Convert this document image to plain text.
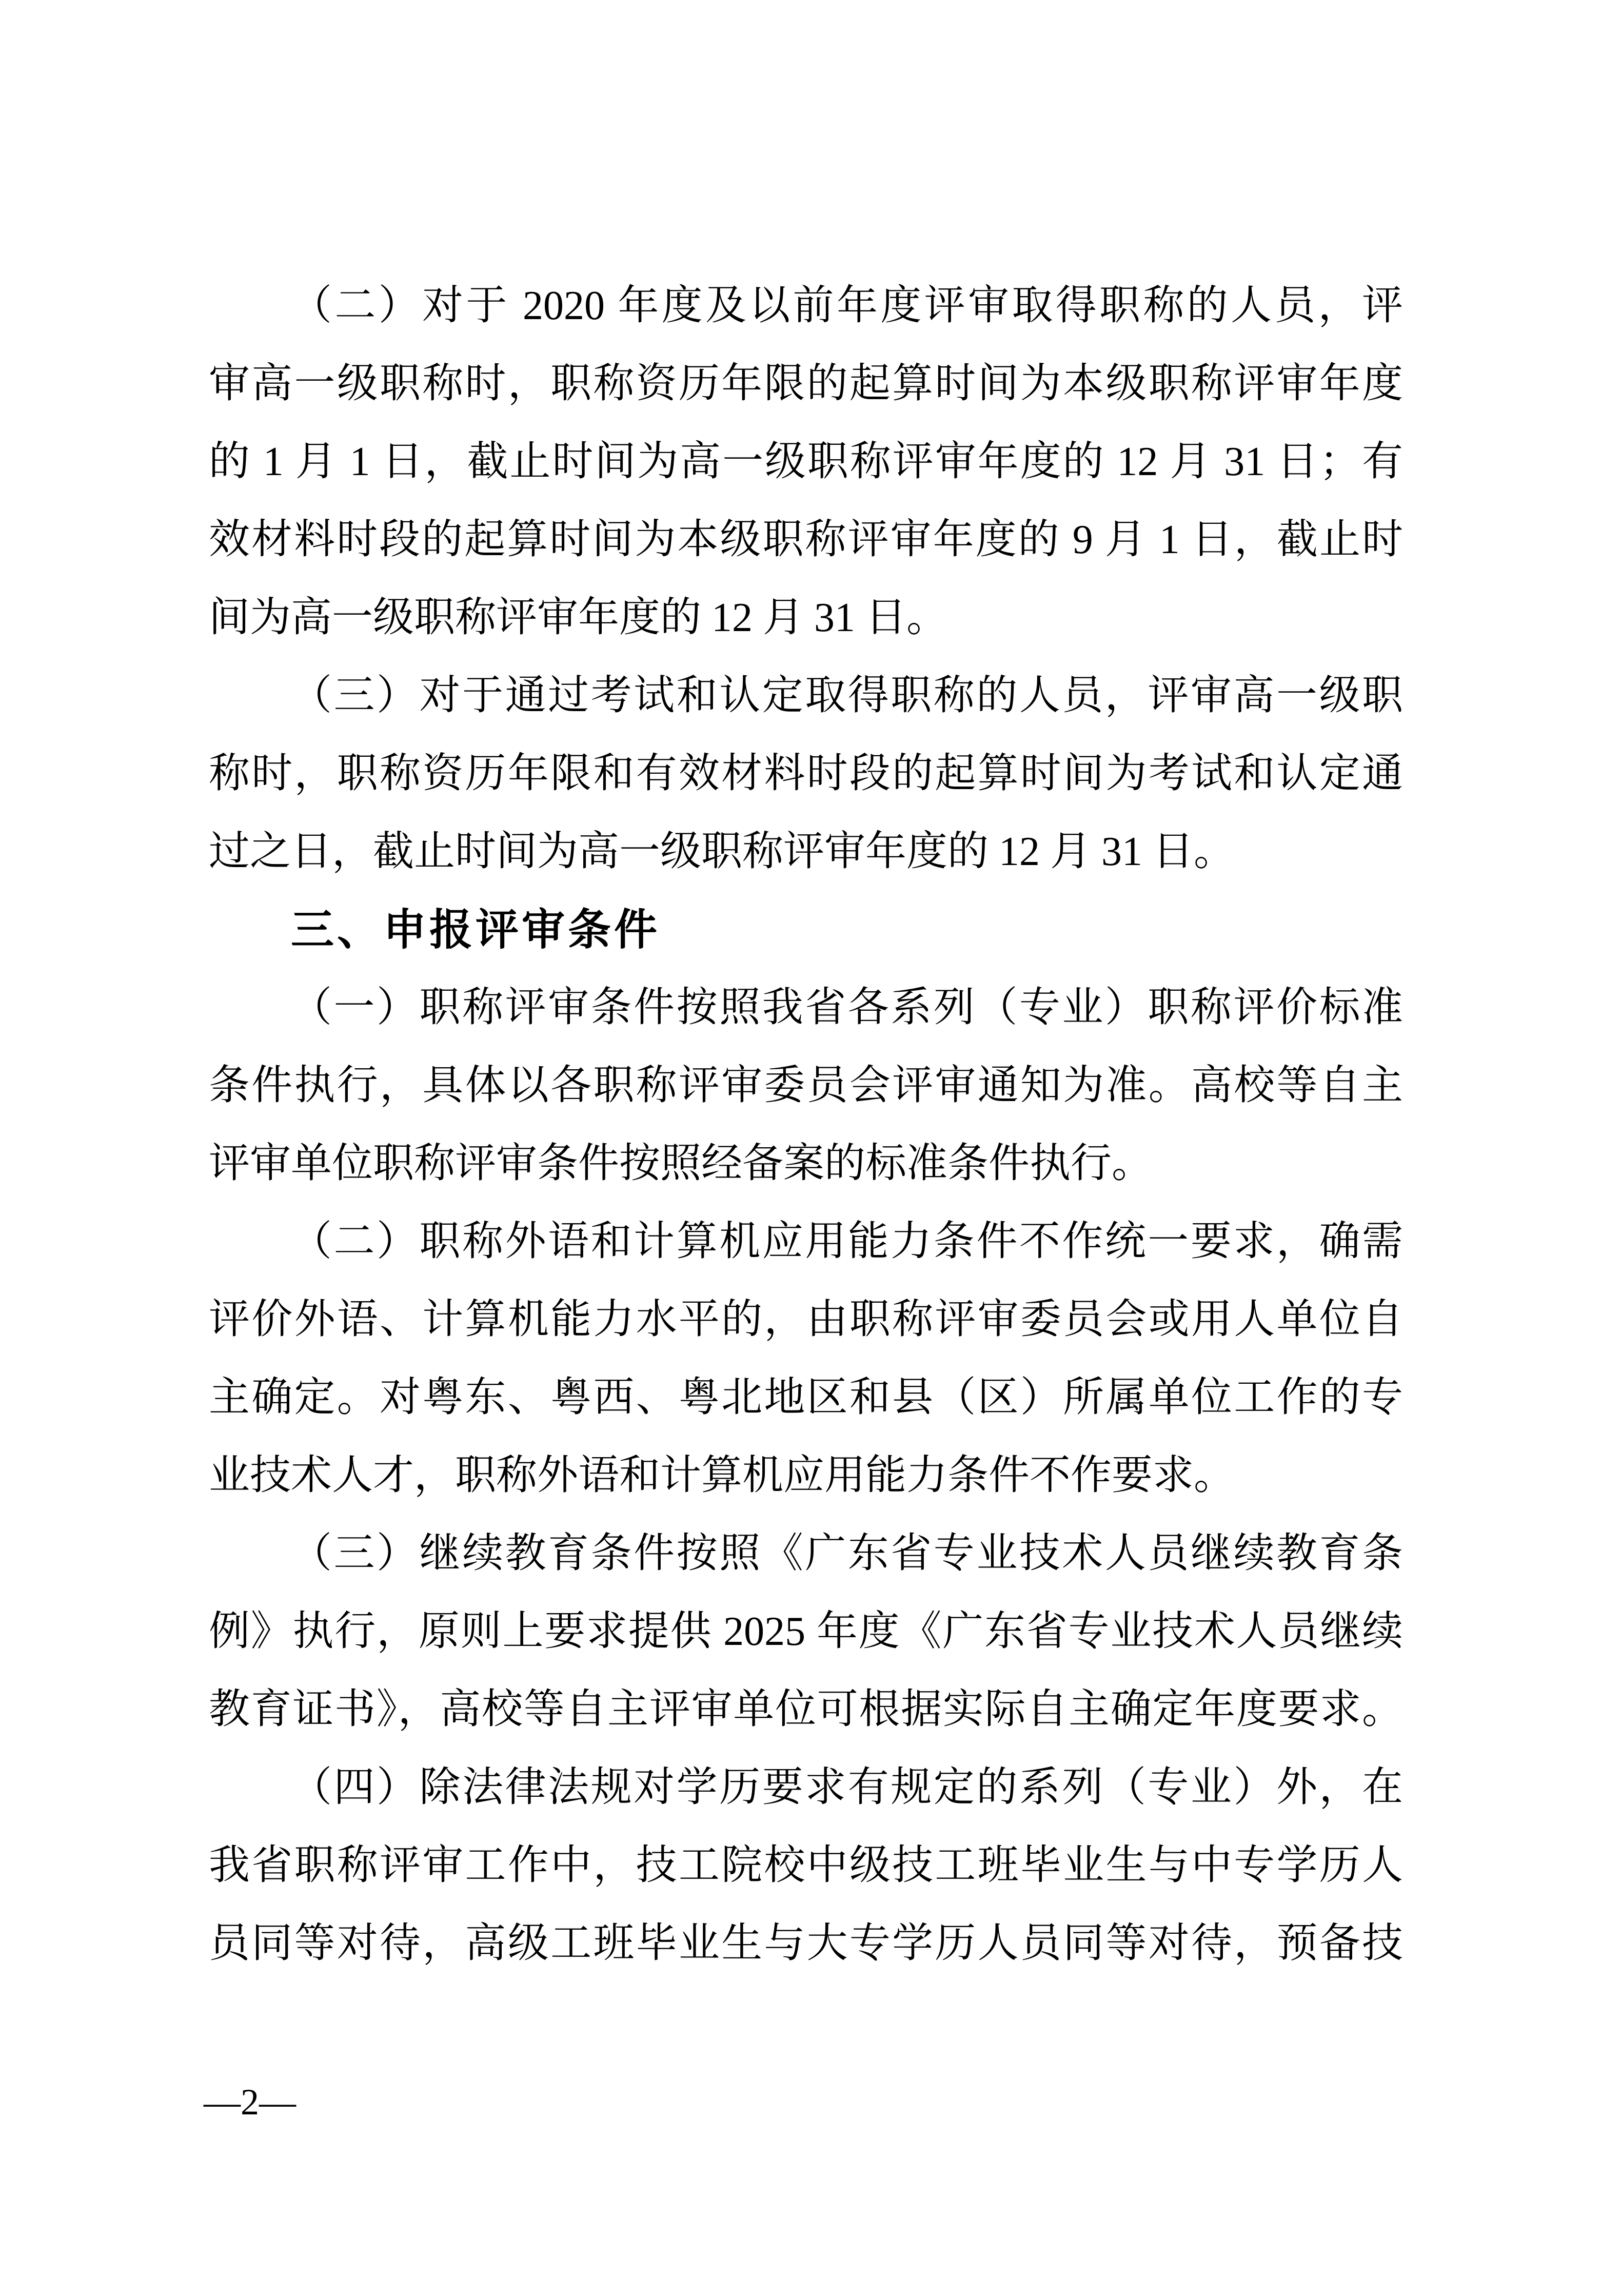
（二）对于 2020 年度及以前年度评审取得职称的人员，评
审高一级职称时，职称资历年限的起算时间为本级职称评审年度
的 1 月 1 日，截止时间为高一级职称评审年度的 12 月 31 日；有
效材料时段的起算时间为本级职称评审年度的 9 月 1 日，截止时
间为高一级职称评审年度的 12 月 31 日。
（三）对于通过考试和认定取得职称的人员，评审高一级职
称时，职称资历年限和有效材料时段的起算时间为考试和认定通
过之日，截止时间为高一级职称评审年度的 12 月 31 日。
三、申报评审条件
（一）职称评审条件按照我省各系列（专业）职称评价标准
条件执行，具体以各职称评审委员会评审通知为准。高校等自主
评审单位职称评审条件按照经备案的标准条件执行。
（二）职称外语和计算机应用能力条件不作统一要求，确需
评价外语、计算机能力水平的，由职称评审委员会或用人单位自
主确定。对粤东、粤西、粤北地区和县（区）所属单位工作的专
业技术人才，职称外语和计算机应用能力条件不作要求。
（三）继续教育条件按照《广东省专业技术人员继续教育条
例》执行，原则上要求提供 2025 年度《广东省专业技术人员继续
教育证书》，高校等自主评审单位可根据实际自主确定年度要求。
（四）除法律法规对学历要求有规定的系列（专业）外，在
我省职称评审工作中，技工院校中级技工班毕业生与中专学历人
员同等对待，高级工班毕业生与大专学历人员同等对待，预备技
—2—
